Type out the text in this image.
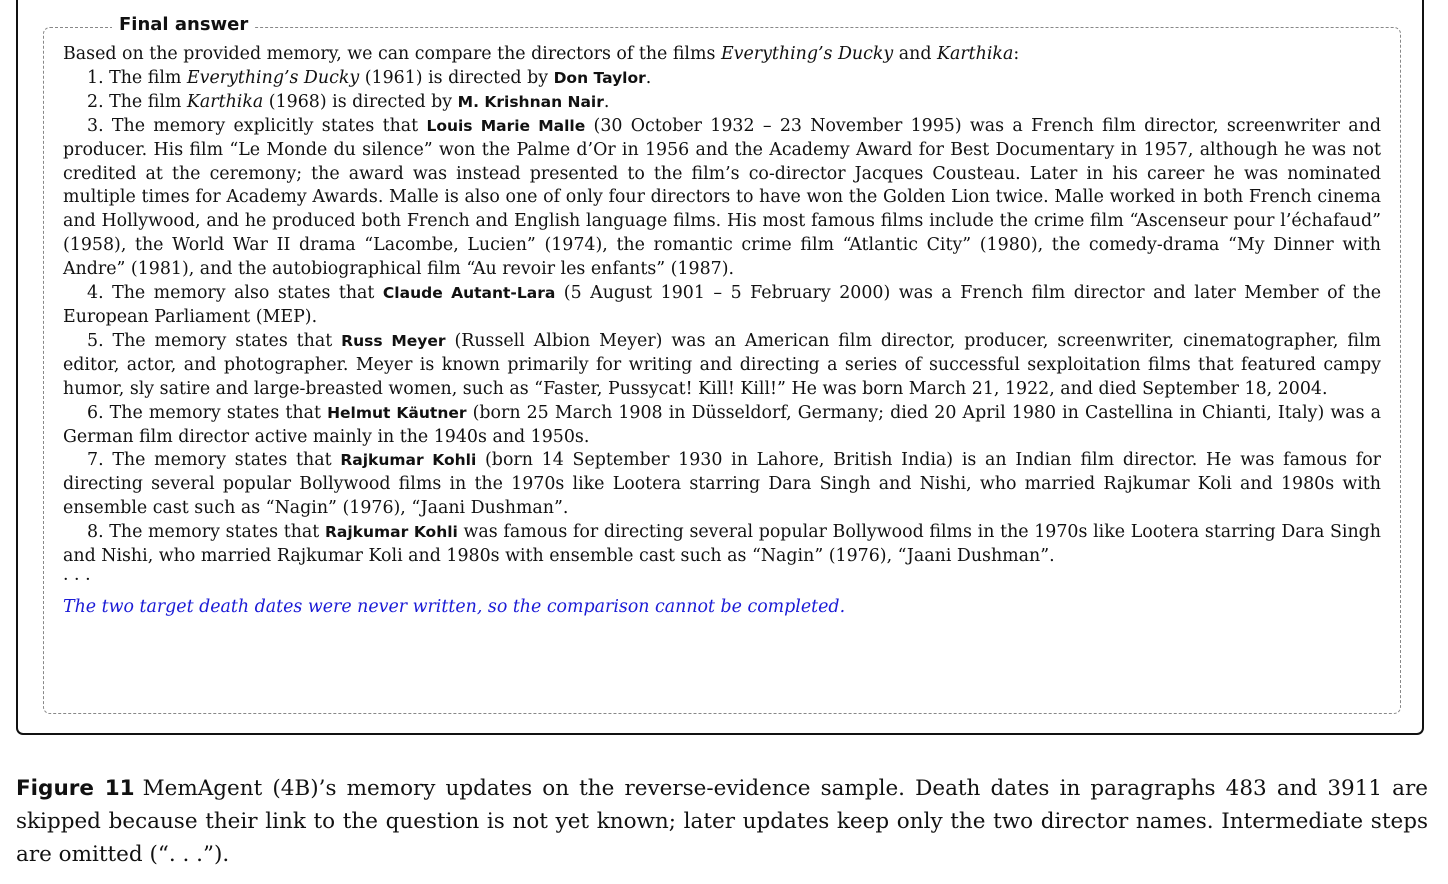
Final answer

Based on the provided memory, we can compare the directors of the films Everything’s Ducky and Karthika:

1. The film Everything’s Ducky (1961) is directed by Don Taylor.

2. The film Karthika (1968) is directed by M. Krishnan Nair.

3. The memory explicitly states that Louis Marie Malle (30 October 1932 – 23 November 1995) was a French film director, screenwriter and producer. His film “Le Monde du silence” won the Palme d’Or in 1956 and the Academy Award for Best Documentary in 1957, although he was not credited at the ceremony; the award was instead presented to the film’s co-director Jacques Cousteau. Later in his career he was nominated multiple times for Academy Awards. Malle is also one of only four directors to have won the Golden Lion twice. Malle worked in both French cinema and Hollywood, and he produced both French and English language films. His most famous films include the crime film “Ascenseur pour l’échafaud” (1958), the World War II drama “Lacombe, Lucien” (1974), the romantic crime film “Atlantic City” (1980), the comedy-drama “My Dinner with Andre” (1981), and the autobiographical film “Au revoir les enfants” (1987).

4. The memory also states that Claude Autant-Lara (5 August 1901 – 5 February 2000) was a French film director and later Member of the European Parliament (MEP).

5. The memory states that Russ Meyer (Russell Albion Meyer) was an American film director, producer, screenwriter, cinematographer, film editor, actor, and photographer. Meyer is known primarily for writing and directing a series of successful sexploitation films that featured campy humor, sly satire and large-breasted women, such as “Faster, Pussycat! Kill! Kill!” He was born March 21, 1922, and died September 18, 2004.

6. The memory states that Helmut Käutner (born 25 March 1908 in Düsseldorf, Germany; died 20 April 1980 in Castellina in Chianti, Italy) was a German film director active mainly in the 1940s and 1950s.

7. The memory states that Rajkumar Kohli (born 14 September 1930 in Lahore, British India) is an Indian film director. He was famous for directing several popular Bollywood films in the 1970s like Lootera starring Dara Singh and Nishi, who married Rajkumar Koli and 1980s with ensemble cast such as “Nagin” (1976), “Jaani Dushman”.

8. The memory states that Rajkumar Kohli was famous for directing several popular Bollywood films in the 1970s like Lootera starring Dara Singh and Nishi, who married Rajkumar Koli and 1980s with ensemble cast such as “Nagin” (1976), “Jaani Dushman”.

· · ·

The two target death dates were never written, so the comparison cannot be completed.

Figure 11 MemAgent (4B)’s memory updates on the reverse-evidence sample. Death dates in paragraphs 483 and 3911 are skipped because their link to the question is not yet known; later updates keep only the two director names. Intermediate steps are omitted (“. . .”).
